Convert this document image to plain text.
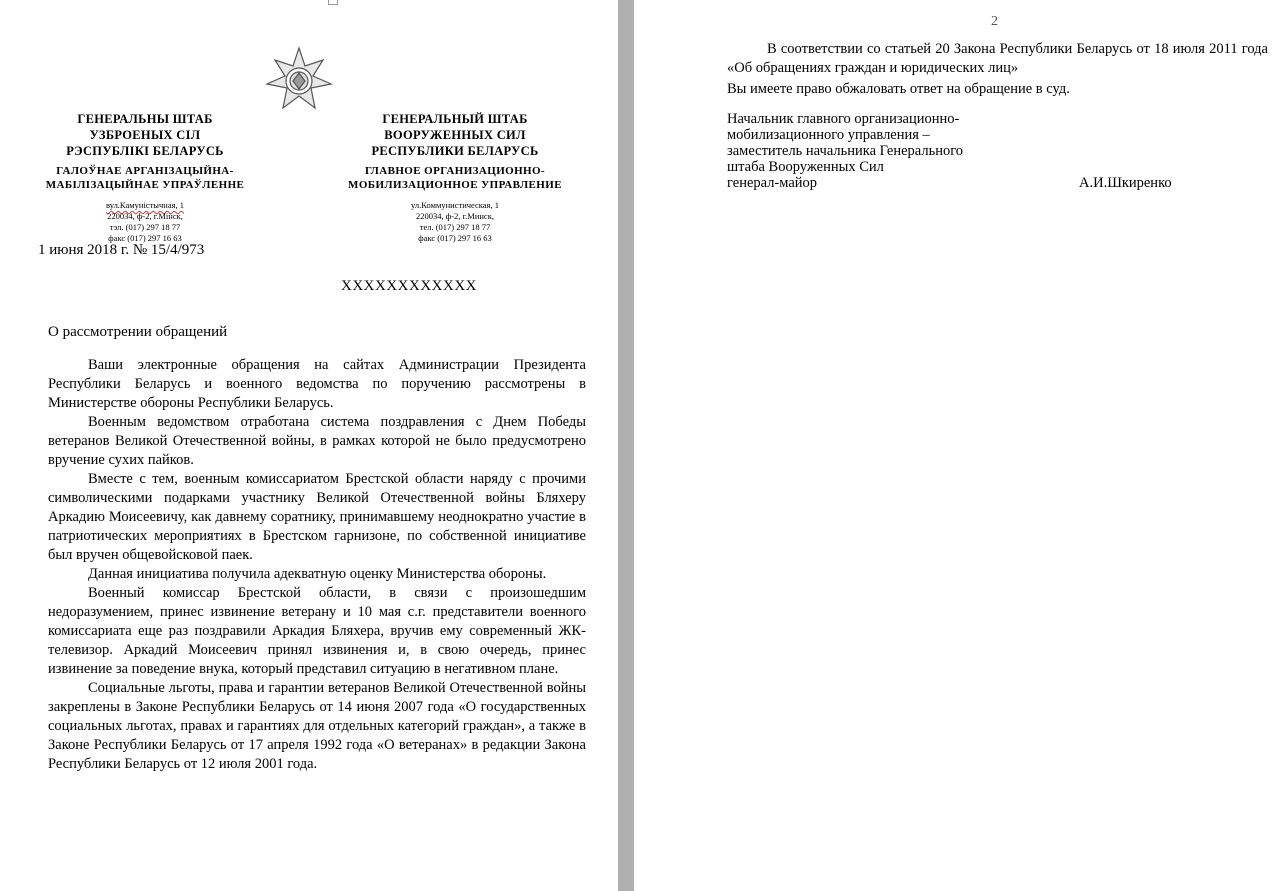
ГЕНЕРАЛЬНЫ ШТАБ
УЗБРОЕНЫХ СІЛ
РЭСПУБЛІКІ БЕЛАРУСЬ
ГАЛОЎНАЕ АРГАНІЗАЦЫЙНА-
МАБІЛІЗАЦЫЙНАЕ УПРАЎЛЕННЕ
вул.Камуністычная, 1
220034, ф-2, г.Мінск,
тэл. (017) 297 18 77
факс (017) 297 16 63
ГЕНЕРАЛЬНЫЙ ШТАБ
ВООРУЖЕННЫХ СИЛ
РЕСПУБЛИКИ БЕЛАРУСЬ
ГЛАВНОЕ ОРГАНИЗАЦИОННО-
МОБИЛИЗАЦИОННОЕ УПРАВЛЕНИЕ
ул.Коммунистическая, 1
220034, ф-2, г.Минск,
тел. (017) 297 18 77
факс (017) 297 16 63
1 июня 2018 г. № 15/4/973
ХХХХХХХХХХХХ
О рассмотрении обращений

Ваши электронные обращения на сайтах Администрации Президента Республики Беларусь и военного ведомства по поручению рассмотрены в Министерстве обороны Республики Беларусь.

Военным ведомством отработана система поздравления с Днем Победы ветеранов Великой Отечественной войны, в рамках которой не было предусмотрено вручение сухих пайков.

Вместе с тем, военным комиссариатом Брестской области наряду с прочими символическими подарками участнику Великой Отечественной войны Бляхеру Аркадию Моисеевичу, как давнему соратнику, принимавшему неоднократно участие в патриотических мероприятиях в Брестском гарнизоне, по собственной инициативе был вручен общевойсковой паек.

Данная инициатива получила адекватную оценку Министерства обороны.

Военный комиссар Брестской области, в связи с произошедшим недоразумением, принес извинение ветерану и 10 мая с.г. представители военного комиссариата еще раз поздравили Аркадия Бляхера, вручив ему современный ЖК-телевизор. Аркадий Моисеевич принял извинения и, в свою очередь, принес извинение за поведение внука, который представил ситуацию в негативном плане.

Социальные льготы, права и гарантии ветеранов Великой Отечественной войны закреплены в Законе Республики Беларусь от 14 июня 2007 года «О государственных социальных льготах, правах и гарантиях для отдельных категорий граждан», а также в Законе Республики Беларусь от 17 апреля 1992 года «О ветеранах» в редакции Закона Республики Беларусь от 12 июля 2001 года.

2

В соответствии со статьей 20 Закона Республики Беларусь от 18 июля 2011 года «Об обращениях граждан и юридических лиц»

Вы имеете право обжаловать ответ на обращение в суд.

Начальник главного организационно-
мобилизационного управления –
заместитель начальника Генерального
штаба Вооруженных Сил
генерал-майор	А.И.Шкиренко
